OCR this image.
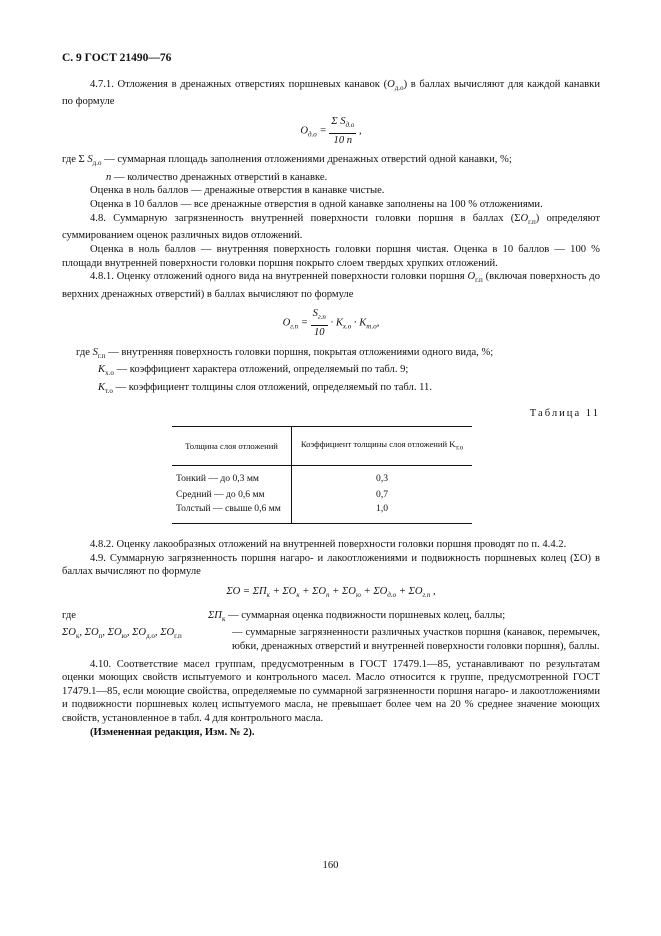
С. 9 ГОСТ 21490—76

4.7.1. Отложения в дренажных отверстиях поршневых канавок $(O_{д.о})$ в баллах вычисляют для каждой канавки по формуле

$O_{д.о} = \frac{\Sigma S_{д.о}}{10 n}$ ,

где Σ $S_{д.о}$ — суммарная площадь заполнения отложениями дренажных отверстий одной канавки, %;

n — количество дренажных отверстий в канавке.

Оценка в ноль баллов — дренажные отверстия в канавке чистые.

Оценка в 10 баллов — все дренажные отверстия в одной канавке заполнены на 100 % отложениями.

4.8. Суммарную загрязненность внутренней поверхности головки поршня в баллах $(\Sigma O_{г.п})$ определяют суммированием оценок различных видов отложений.

Оценка в ноль баллов — внутренняя поверхность головки поршня чистая. Оценка в 10 баллов — 100 % площади внутренней поверхности головки поршня покрыто слоем твердых хрупких отложений.

4.8.1. Оценку отложений одного вида на внутренней поверхности головки поршня $O_{г.п}$ (включая поверхность до верхних дренажных отверстий) в баллах вычисляют по формуле

$O_{г.п} = \frac{S_{г.п}}{10} \cdot K_{х.о} \cdot K_{т.о}$,

где $S_{г.п}$ — внутренняя поверхность головки поршня, покрытая отложениями одного вида, %;

$K_{х.о}$ — коэффициент характера отложений, определяемый по табл. 9;

$K_{т.о}$ — коэффициент толщины слоя отложений, определяемый по табл. 11.

Таблица 11
Толщина слоя отложений	Коэффициент толщины слоя отложений $K_{т.о}$
Тонкий — до 0,3 мм	0,3
Средний — до 0,6 мм	0,7
Толстый — свыше 0,6 мм	1,0

4.8.2. Оценку лакообразных отложений на внутренней поверхности головки поршня проводят по п. 4.4.2.

4.9. Суммарную загрязненность поршня нагаро- и лакоотложениями и подвижность поршневых колец (ΣO) в баллах вычисляют по формуле

$\Sigma O = \Sigma П_к + \Sigma O_к + \Sigma O_п + \Sigma O_ю + \Sigma O_{д.о} + \Sigma O_{г.п}$ ,
где	$\Sigma П_к$ — суммарная оценка подвижности поршневых колец, баллы;
$\Sigma O_к$, $\Sigma O_п$, $\Sigma O_ю$, $\Sigma O_{д.о}$, $\Sigma O_{г.п}$	— суммарные загрязненности различных участков поршня (канавок, перемычек, юбки, дренажных отверстий и внутренней поверхности головки поршня), баллы.

4.10. Соответствие масел группам, предусмотренным в ГОСТ 17479.1—85, устанавливают по результатам оценки моющих свойств испытуемого и контрольного масел. Масло относится к группе, предусмотренной ГОСТ 17479.1—85, если моющие свойства, определяемые по суммарной загрязненности поршня нагаро- и лакоотложениями и подвижности поршневых колец испытуемого масла, не превышает более чем на 20 % среднее значение моющих свойств, установленное в табл. 4 для контрольного масла.

(Измененная редакция, Изм. № 2).

160
